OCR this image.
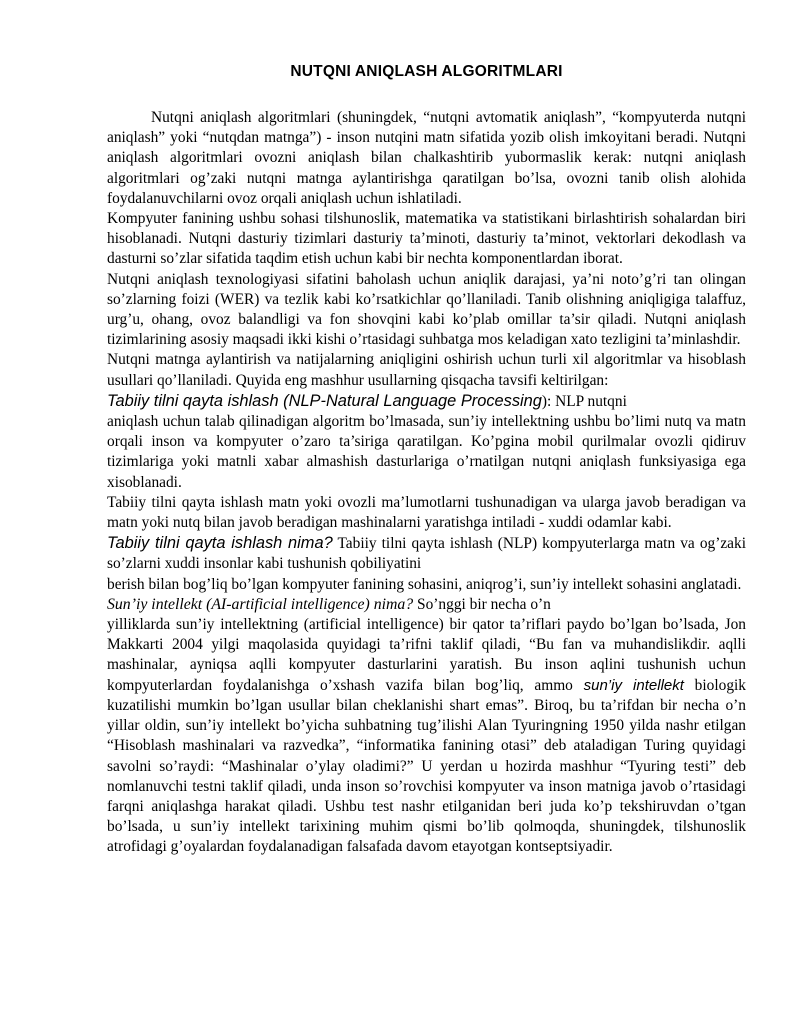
NUTQNI ANIQLASH ALGORITMLARI

Nutqni aniqlash algoritmlari (shuningdek, “nutqni avtomatik aniqlash”, “kompyuterda nutqni aniqlash” yoki “nutqdan matnga”) - inson nutqini matn sifatida yozib olish imkoyitani beradi. Nutqni aniqlash algoritmlari ovozni aniqlash bilan chalkashtirib yubormaslik kerak: nutqni aniqlash algoritmlari og’zaki nutqni matnga aylantirishga qaratilgan bo’lsa, ovozni tanib olish alohida foydalanuvchilarni ovoz orqali aniqlash uchun ishlatiladi.

Kompyuter fanining ushbu sohasi tilshunoslik, matematika va statistikani birlashtirish sohalardan biri hisoblanadi. Nutqni dasturiy tizimlari dasturiy ta’minoti, dasturiy ta’minot, vektorlari dekodlash va dasturni so’zlar sifatida taqdim etish uchun kabi bir nechta komponentlardan iborat.

Nutqni aniqlash texnologiyasi sifatini baholash uchun aniqlik darajasi, ya’ni noto’g’ri tan olingan so’zlarning foizi (WER) va tezlik kabi ko’rsatkichlar qo’llaniladi. Tanib olishning aniqligiga talaffuz, urg’u, ohang, ovoz balandligi va fon shovqini kabi ko’plab omillar ta’sir qiladi. Nutqni aniqlash tizimlarining asosiy maqsadi ikki kishi o’rtasidagi suhbatga mos keladigan xato tezligini ta’minlashdir.

Nutqni matnga aylantirish va natijalarning aniqligini oshirish uchun turli xil algoritmlar va hisoblash usullari qo’llaniladi. Quyida eng mashhur usullarning qisqacha tavsifi keltirilgan:

Tabiiy tilni qayta ishlash (NLP-Natural Language Processing): NLP nutqni

aniqlash uchun talab qilinadigan algoritm bo’lmasada, sun’iy intellektning ushbu bo’limi nutq va matn orqali inson va kompyuter o’zaro ta’siriga qaratilgan. Ko’pgina mobil qurilmalar ovozli qidiruv tizimlariga yoki matnli xabar almashish dasturlariga o’rnatilgan nutqni aniqlash funksiyasiga ega xisoblanadi.

Tabiiy tilni qayta ishlash matn yoki ovozli ma’lumotlarni tushunadigan va ularga javob beradigan va matn yoki nutq bilan javob beradigan mashinalarni yaratishga intiladi - xuddi odamlar kabi.

Tabiiy tilni qayta ishlash nima? Tabiiy tilni qayta ishlash (NLP) kompyuterlarga matn va og’zaki so’zlarni xuddi insonlar kabi tushunish qobiliyatini

berish bilan bog’liq bo’lgan kompyuter fanining sohasini, aniqrog’i, sun’iy intellekt sohasini anglatadi.

Sun’iy intellekt (AI-artificial intelligence) nima? So’nggi bir necha o’n

yilliklarda sun’iy intellektning (artificial intelligence) bir qator ta’riflari paydo bo’lgan bo’lsada, Jon Makkarti 2004 yilgi maqolasida quyidagi ta’rifni taklif qiladi, “Bu fan va muhandislikdir. aqlli mashinalar, ayniqsa aqlli kompyuter dasturlarini yaratish. Bu inson aqlini tushunish uchun kompyuterlardan foydalanishga o’xshash vazifa bilan bog’liq, ammo sun’iy intellekt biologik kuzatilishi mumkin bo’lgan usullar bilan cheklanishi shart emas”. Biroq, bu ta’rifdan bir necha o’n yillar oldin, sun’iy intellekt bo’yicha suhbatning tug’ilishi Alan Tyuringning 1950 yilda nashr etilgan “Hisoblash mashinalari va razvedka”, “informatika fanining otasi” deb ataladigan Turing quyidagi savolni so’raydi: “Mashinalar o’ylay oladimi?” U yerdan u hozirda mashhur “Tyuring testi” deb nomlanuvchi testni taklif qiladi, unda inson so’rovchisi kompyuter va inson matniga javob o’rtasidagi farqni aniqlashga harakat qiladi. Ushbu test nashr etilganidan beri juda ko’p tekshiruvdan o’tgan bo’lsada, u sun’iy intellekt tarixining muhim qismi bo’lib qolmoqda, shuningdek, tilshunoslik atrofidagi g’oyalardan foydalanadigan falsafada davom etayotgan kontseptsiyadir.
